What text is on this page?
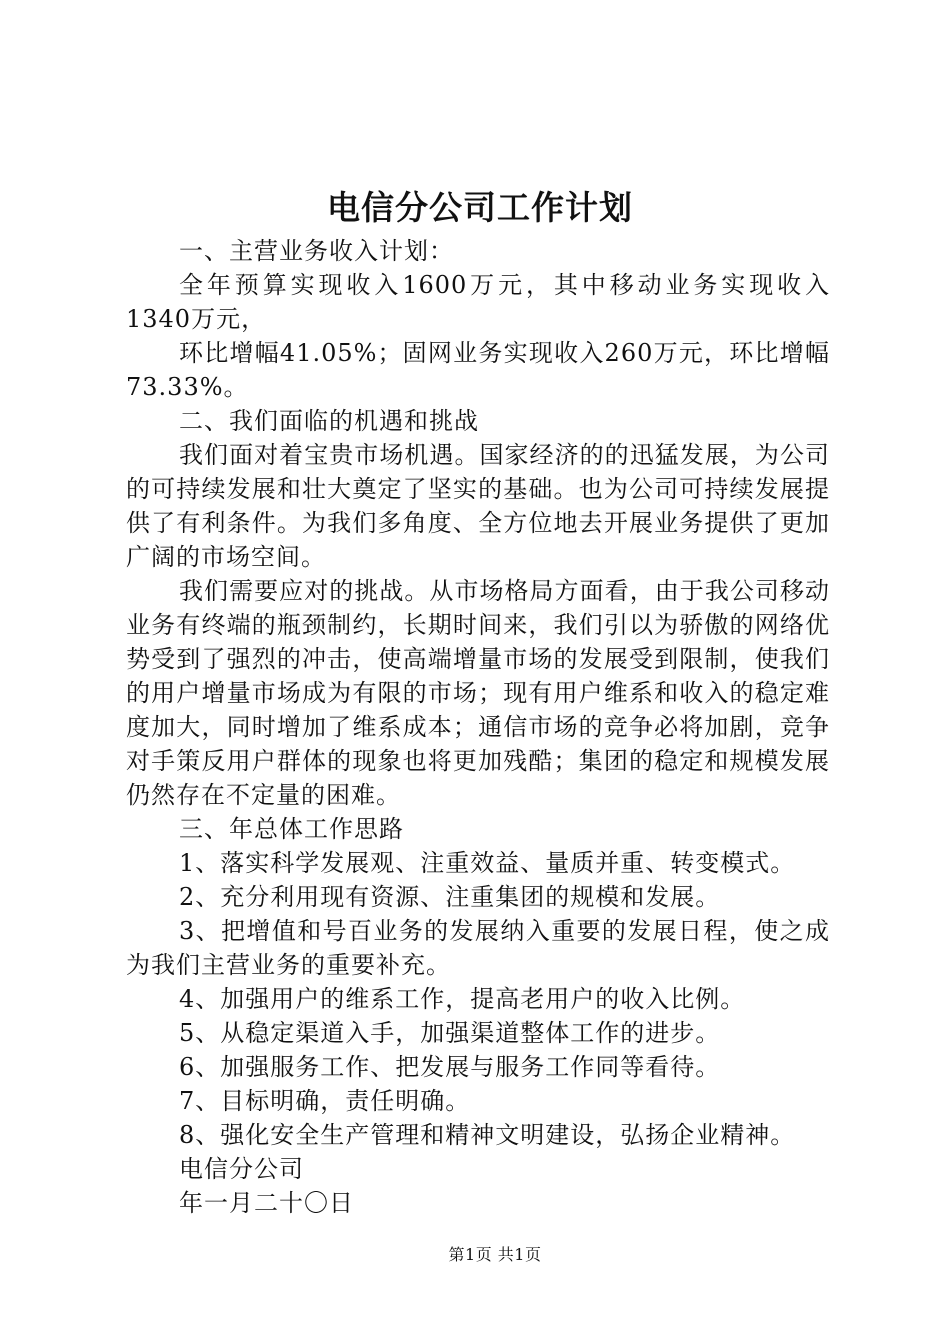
电信分公司工作计划

一、主营业务收入计划：

全年预算实现收入1600万元，其中移动业务实现收入1340万元，

环比增幅41.05%；固网业务实现收入260万元，环比增幅73.33%。

二、我们面临的机遇和挑战

我们面对着宝贵市场机遇。国家经济的的迅猛发展，为公司的可持续发展和壮大奠定了坚实的基础。也为公司可持续发展提供了有利条件。为我们多角度、全方位地去开展业务提供了更加广阔的市场空间。

我们需要应对的挑战。从市场格局方面看，由于我公司移动业务有终端的瓶颈制约，长期时间来，我们引以为骄傲的网络优势受到了强烈的冲击，使高端增量市场的发展受到限制，使我们的用户增量市场成为有限的市场；现有用户维系和收入的稳定难度加大，同时增加了维系成本；通信市场的竞争必将加剧，竞争对手策反用户群体的现象也将更加残酷；集团的稳定和规模发展仍然存在不定量的困难。

三、年总体工作思路

1、落实科学发展观、注重效益、量质并重、转变模式。

2、充分利用现有资源、注重集团的规模和发展。

3、把增值和号百业务的发展纳入重要的发展日程，使之成为我们主营业务的重要补充。

4、加强用户的维系工作，提高老用户的收入比例。

5、从稳定渠道入手，加强渠道整体工作的进步。

6、加强服务工作、把发展与服务工作同等看待。

7、目标明确，责任明确。

8、强化安全生产管理和精神文明建设，弘扬企业精神。

电信分公司

年一月二十〇日

第1页 共1页
